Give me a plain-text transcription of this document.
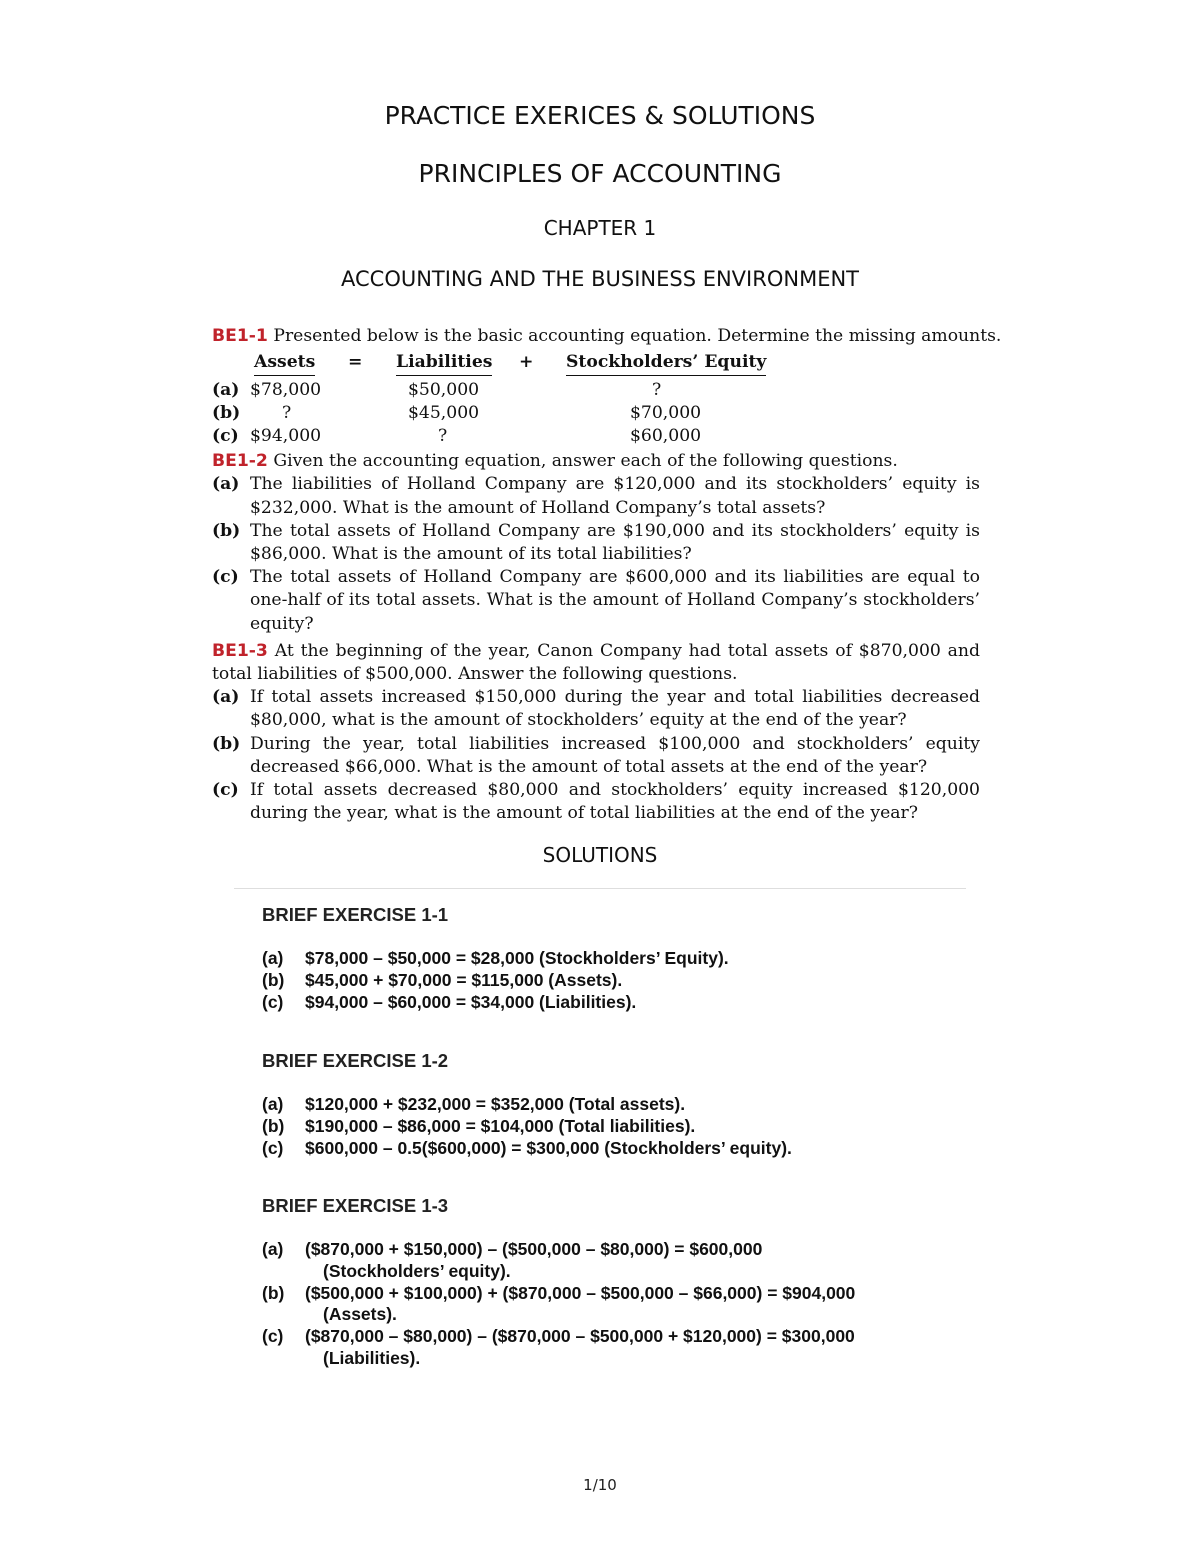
PRACTICE EXERICES & SOLUTIONS
PRINCIPLES OF ACCOUNTING
CHAPTER 1
ACCOUNTING AND THE BUSINESS ENVIRONMENT
BE1-1 Presented below is the basic accounting equation. Determine the missing amounts.
Assets = Liabilities + Stockholders’ Equity
(a) $78,000	$50,000	?
(b) ?	$45,000	$70,000
(c) $94,000	?	$60,000
BE1-2 Given the accounting equation, answer each of the following questions.
(a) The liabilities of Holland Company are $120,000 and its stockholders’ equity is $232,000. What is the amount of Holland Company’s total assets?
(b) The total assets of Holland Company are $190,000 and its stockholders’ equity is $86,000. What is the amount of its total liabilities?
(c) The total assets of Holland Company are $600,000 and its liabilities are equal to one-half of its total assets. What is the amount of Holland Company’s stockholders’ equity?
BE1-3 At the beginning of the year, Canon Company had total assets of $870,000 and total liabilities of $500,000. Answer the following questions.
(a) If total assets increased $150,000 during the year and total liabilities decreased $80,000, what is the amount of stockholders’ equity at the end of the year?
(b) During the year, total liabilities increased $100,000 and stockholders’ equity decreased $66,000. What is the amount of total assets at the end of the year?
(c) If total assets decreased $80,000 and stockholders’ equity increased $120,000 during the year, what is the amount of total liabilities at the end of the year?
SOLUTIONS
BRIEF EXERCISE 1-1
(a)	$78,000 – $50,000 = $28,000 (Stockholders’ Equity).
(b)	$45,000 + $70,000 = $115,000 (Assets).
(c)	$94,000 – $60,000 = $34,000 (Liabilities).
BRIEF EXERCISE 1-2
(a)	$120,000 + $232,000 = $352,000 (Total assets).
(b)	$190,000 – $86,000 = $104,000 (Total liabilities).
(c)	$600,000 – 0.5($600,000) = $300,000 (Stockholders’ equity).
BRIEF EXERCISE 1-3
(a)	($870,000 + $150,000) – ($500,000 – $80,000) = $600,000
(Stockholders’ equity).
(b)	($500,000 + $100,000) + ($870,000 – $500,000 – $66,000) = $904,000
(Assets).
(c)	($870,000 – $80,000) – ($870,000 – $500,000 + $120,000) = $300,000
(Liabilities).
1/10
